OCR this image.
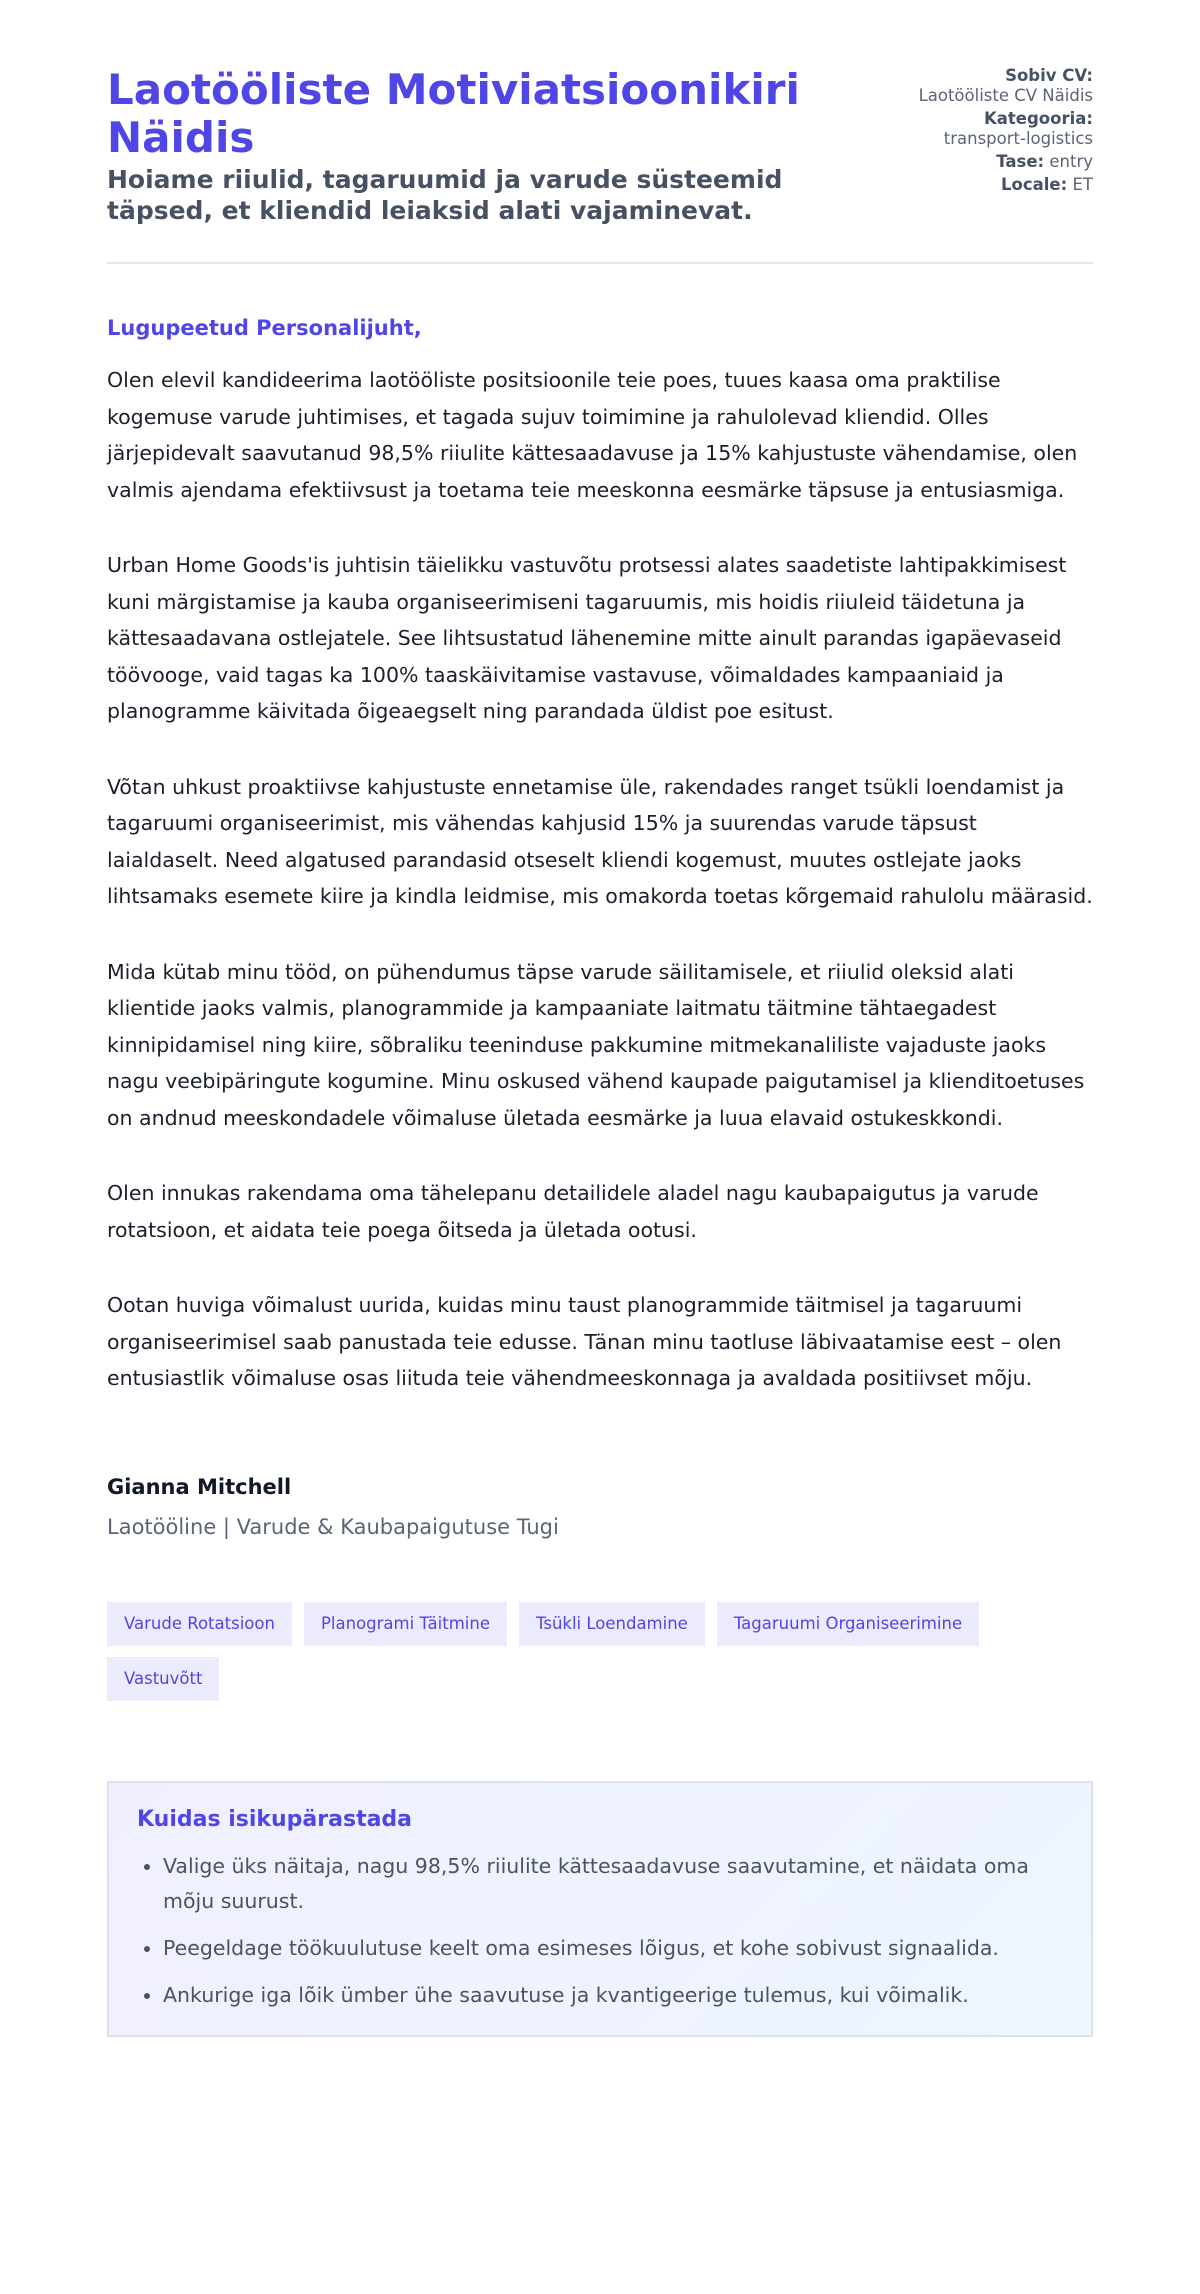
Laotööliste Motiviatsioonikiri Näidis
Hoiame riiulid, tagaruumid ja varude süsteemid täpsed, et kliendid leiaksid alati vajaminevat.
Sobiv CV:
Laotööliste CV Näidis
Kategooria:
transport-logistics
Tase: entry
Locale: ET

Lugupeetud Personalijuht,

Olen elevil kandideerima laotööliste positsioonile teie poes, tuues kaasa oma praktilise kogemuse varude juhtimises, et tagada sujuv toimimine ja rahulolevad kliendid. Olles järjepidevalt saavutanud 98,5% riiulite kättesaadavuse ja 15% kahjustuste vähendamise, olen valmis ajendama efektiivsust ja toetama teie meeskonna eesmärke täpsuse ja entusiasmiga.

Urban Home Goods'is juhtisin täielikku vastuvõtu protsessi alates saadetiste lahtipakkimisest kuni märgistamise ja kauba organiseerimiseni tagaruumis, mis hoidis riiuleid täidetuna ja kättesaadavana ostlejatele. See lihtsustatud lähenemine mitte ainult parandas igapäevaseid töövooge, vaid tagas ka 100% taaskäivitamise vastavuse, võimaldades kampaaniaid ja planogramme käivitada õigeaegselt ning parandada üldist poe esitust.

Võtan uhkust proaktiivse kahjustuste ennetamise üle, rakendades ranget tsükli loendamist ja tagaruumi organiseerimist, mis vähendas kahjusid 15% ja suurendas varude täpsust laialdaselt. Need algatused parandasid otseselt kliendi kogemust, muutes ostlejate jaoks lihtsamaks esemete kiire ja kindla leidmise, mis omakorda toetas kõrgemaid rahulolu määrasid.

Mida kütab minu tööd, on pühendumus täpse varude säilitamisele, et riiulid oleksid alati klientide jaoks valmis, planogrammide ja kampaaniate laitmatu täitmine tähtaegadest kinnipidamisel ning kiire, sõbraliku teeninduse pakkumine mitmekanaliliste vajaduste jaoks nagu veebipäringute kogumine. Minu oskused vähend kaupade paigutamisel ja klienditoetuses on andnud meeskondadele võimaluse ületada eesmärke ja luua elavaid ostukeskkondi.

Olen innukas rakendama oma tähelepanu detailidele aladel nagu kaubapaigutus ja varude rotatsioon, et aidata teie poega õitseda ja ületada ootusi.

Ootan huviga võimalust uurida, kuidas minu taust planogrammide täitmisel ja tagaruumi organiseerimisel saab panustada teie edusse. Tänan minu taotluse läbivaatamise eest – olen entusiastlik võimaluse osas liituda teie vähendmeeskonnaga ja avaldada positiivset mõju.

Gianna Mitchell

Laotööline | Varude & Kaubapaigutuse Tugi

Varude Rotatsioon	Planogrami Täitmine	Tsükli Loendamine	Tagaruumi Organiseerimine
Vastuvõtt
Kuidas isikupärastada
• Valige üks näitaja, nagu 98,5% riiulite kättesaadavuse saavutamine, et näidata oma mõju suurust.
• Peegeldage töökuulutuse keelt oma esimeses lõigus, et kohe sobivust signaalida.
• Ankurige iga lõik ümber ühe saavutuse ja kvantigeerige tulemus, kui võimalik.
